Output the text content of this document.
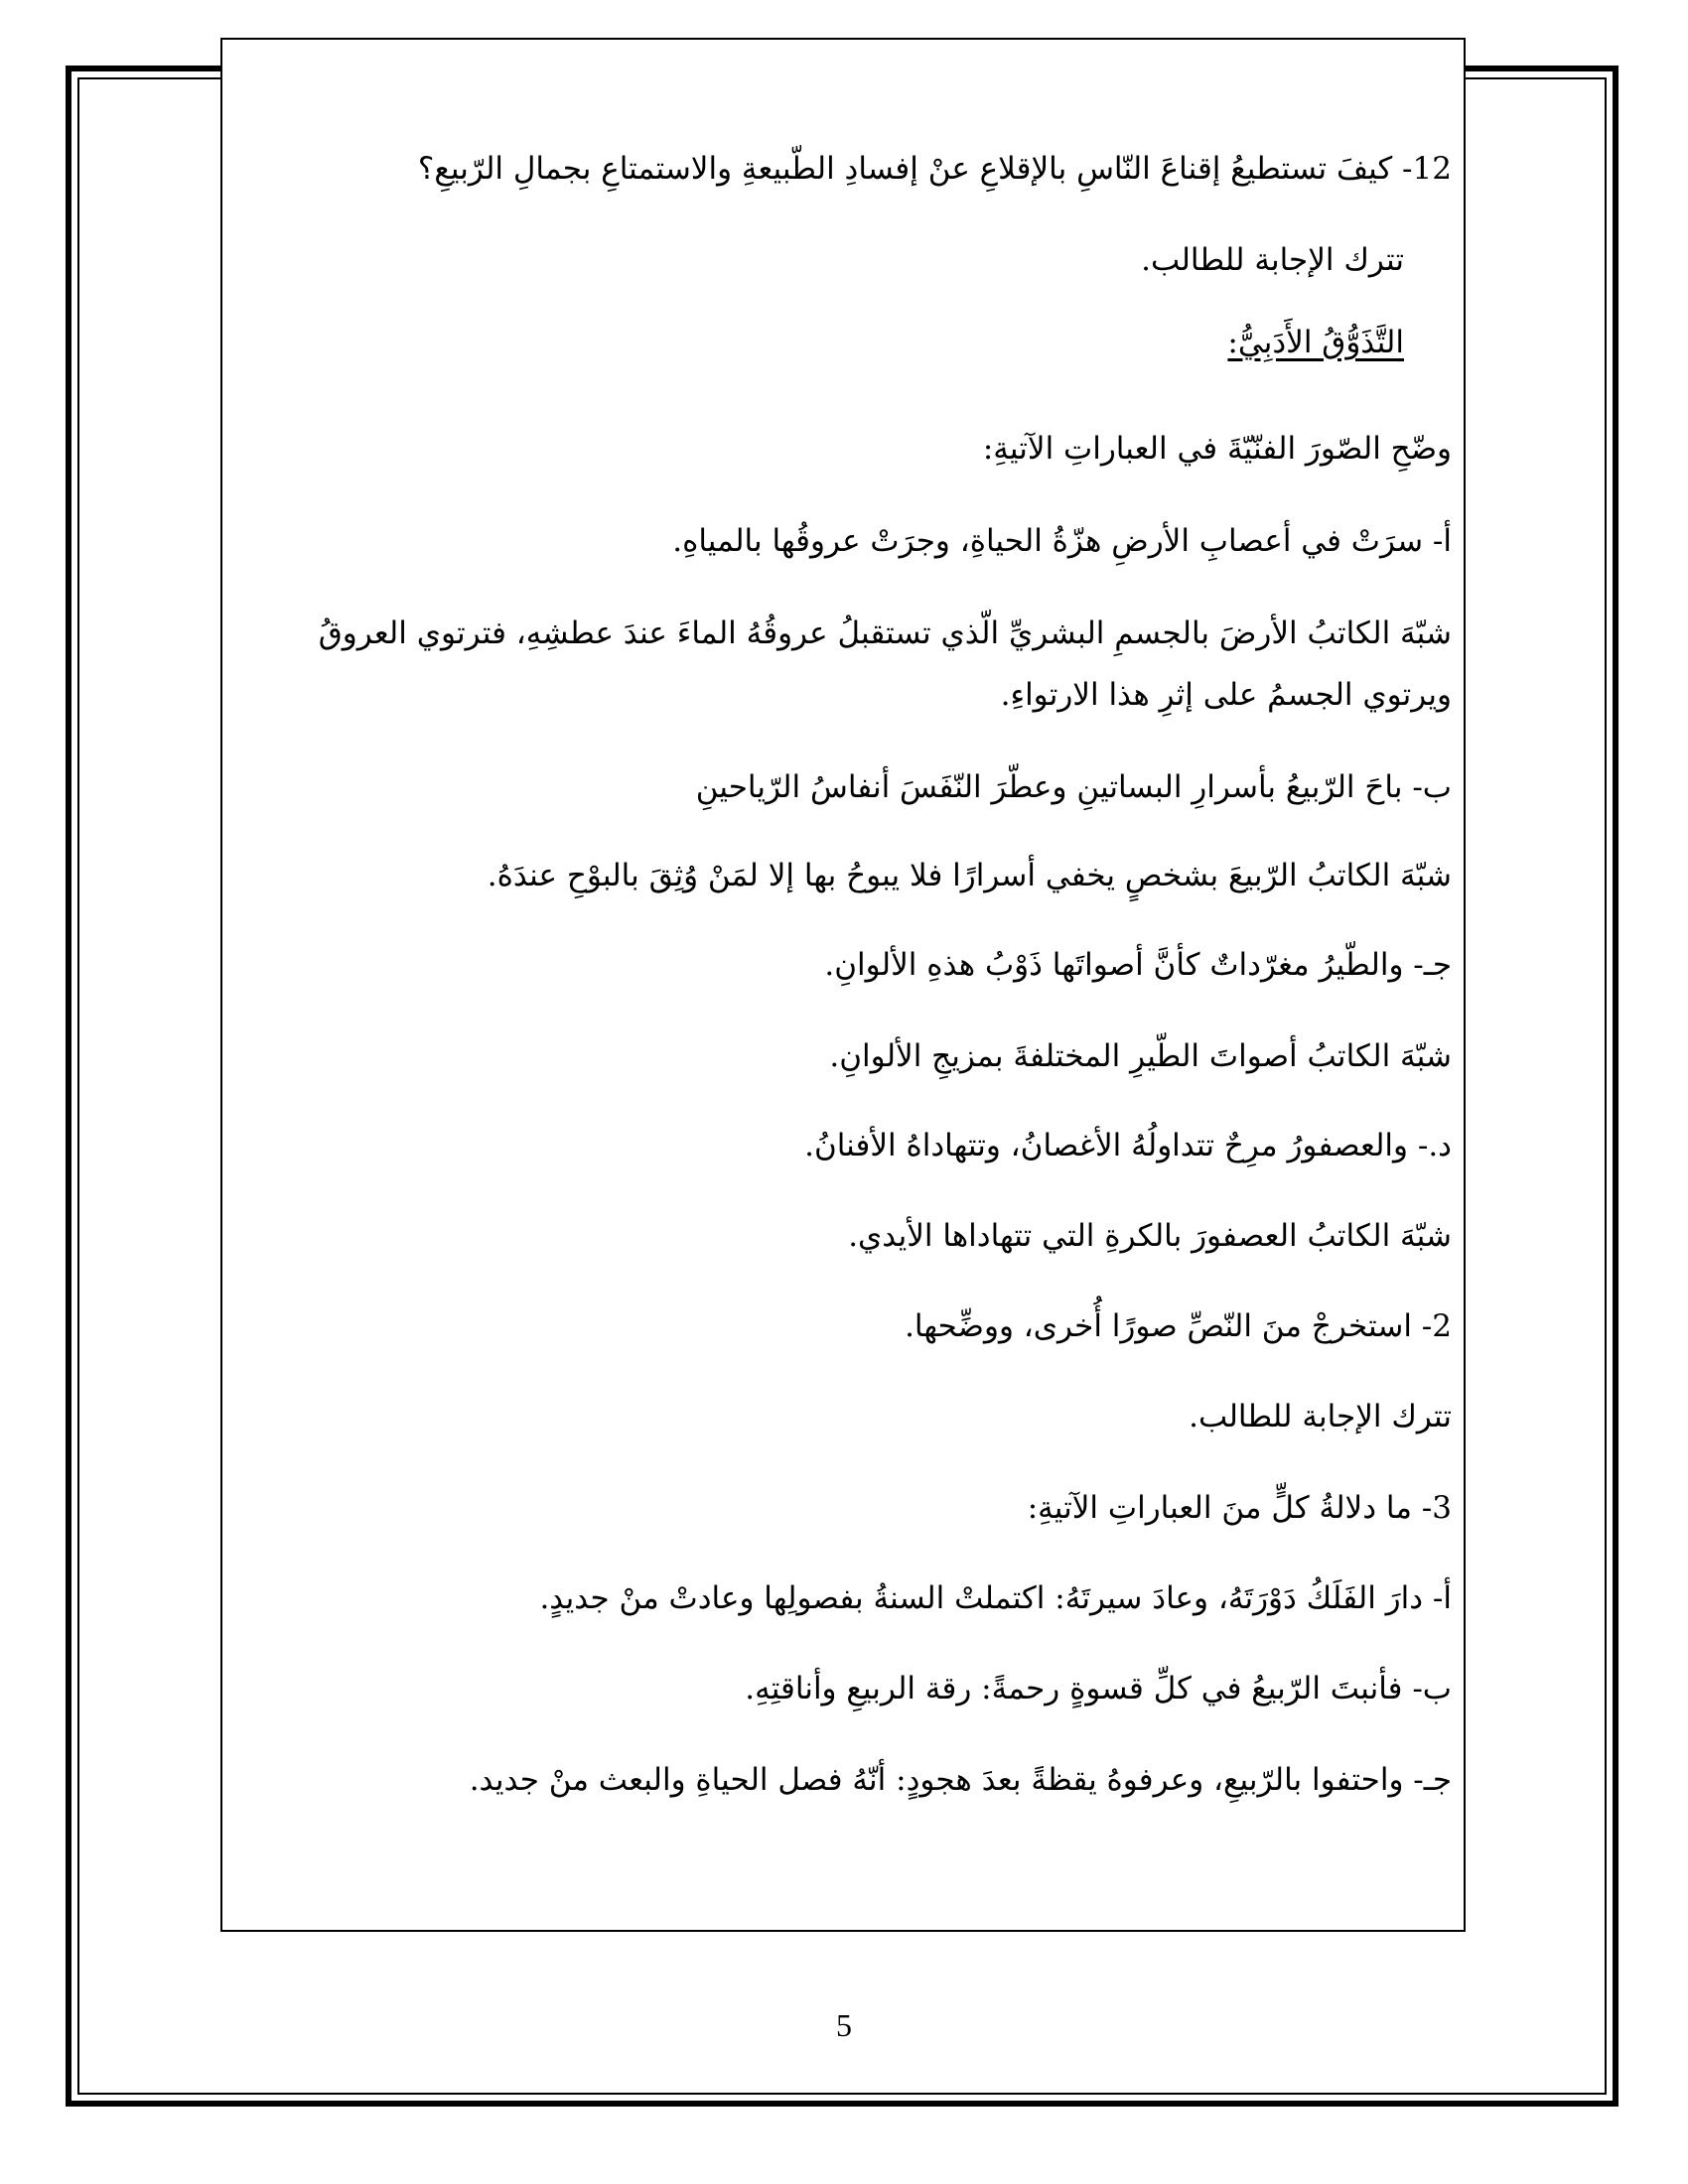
12- كيفَ تستطيعُ إقناعَ النّاسِ بالإقلاعِ عنْ إفسادِ الطّبيعةِ والاستمتاعِ بجمالِ الرّبيعِ؟
تترك الإجابة للطالب.
التَّذَوُّقُ الأَدَبِيُّ:
وضّحِ الصّورَ الفنّيّةَ في العباراتِ الآتيةِ:
أ- سرَتْ في أعصابِ الأرضِ هزّةُ الحياةِ، وجرَتْ عروقُها بالمياهِ.
شبّهَ الكاتبُ الأرضَ بالجسمِ البشريِّ الّذي تستقبلُ عروقُهُ الماءَ عندَ عطشِهِ، فترتوي العروقُ
ويرتوي الجسمُ على إثرِ هذا الارتواءِ.
ب- باحَ الرّبيعُ بأسرارِ البساتينِ وعطّرَ النّفَسَ أنفاسُ الرّياحينِ
شبّهَ الكاتبُ الرّبيعَ بشخصٍ يخفي أسرارًا فلا يبوحُ بها إلا لمَنْ وُثِقَ بالبوْحِ عندَهُ.
جـ- والطّيرُ مغرّداتٌ كأنَّ أصواتَها ذَوْبُ هذهِ الألوانِ.
شبّهَ الكاتبُ أصواتَ الطّيرِ المختلفةَ بمزيجِ الألوانِ.
د.- والعصفورُ مرِحٌ تتداولُهُ الأغصانُ، وتتهاداهُ الأفنانُ.
شبّهَ الكاتبُ العصفورَ بالكرةِ التي تتهاداها الأيدي.
2- استخرجْ منَ النّصِّ صورًا أُخرى، ووضِّحها.
تترك الإجابة للطالب.
3- ما دلالةُ كلٍّ منَ العباراتِ الآتيةِ:
أ- دارَ الفَلَكُ دَوْرَتَهُ، وعادَ سيرتَهُ: اكتملتْ السنةُ بفصولِها وعادتْ منْ جديدٍ.
ب- فأنبتَ الرّبيعُ في كلِّ قسوةٍ رحمةً: رقة الربيعِ وأناقتِهِ.
جـ- واحتفوا بالرّبيعِ، وعرفوهُ يقظةً بعدَ هجودٍ: أنّهُ فصل الحياةِ والبعث منْ جديد.
5
